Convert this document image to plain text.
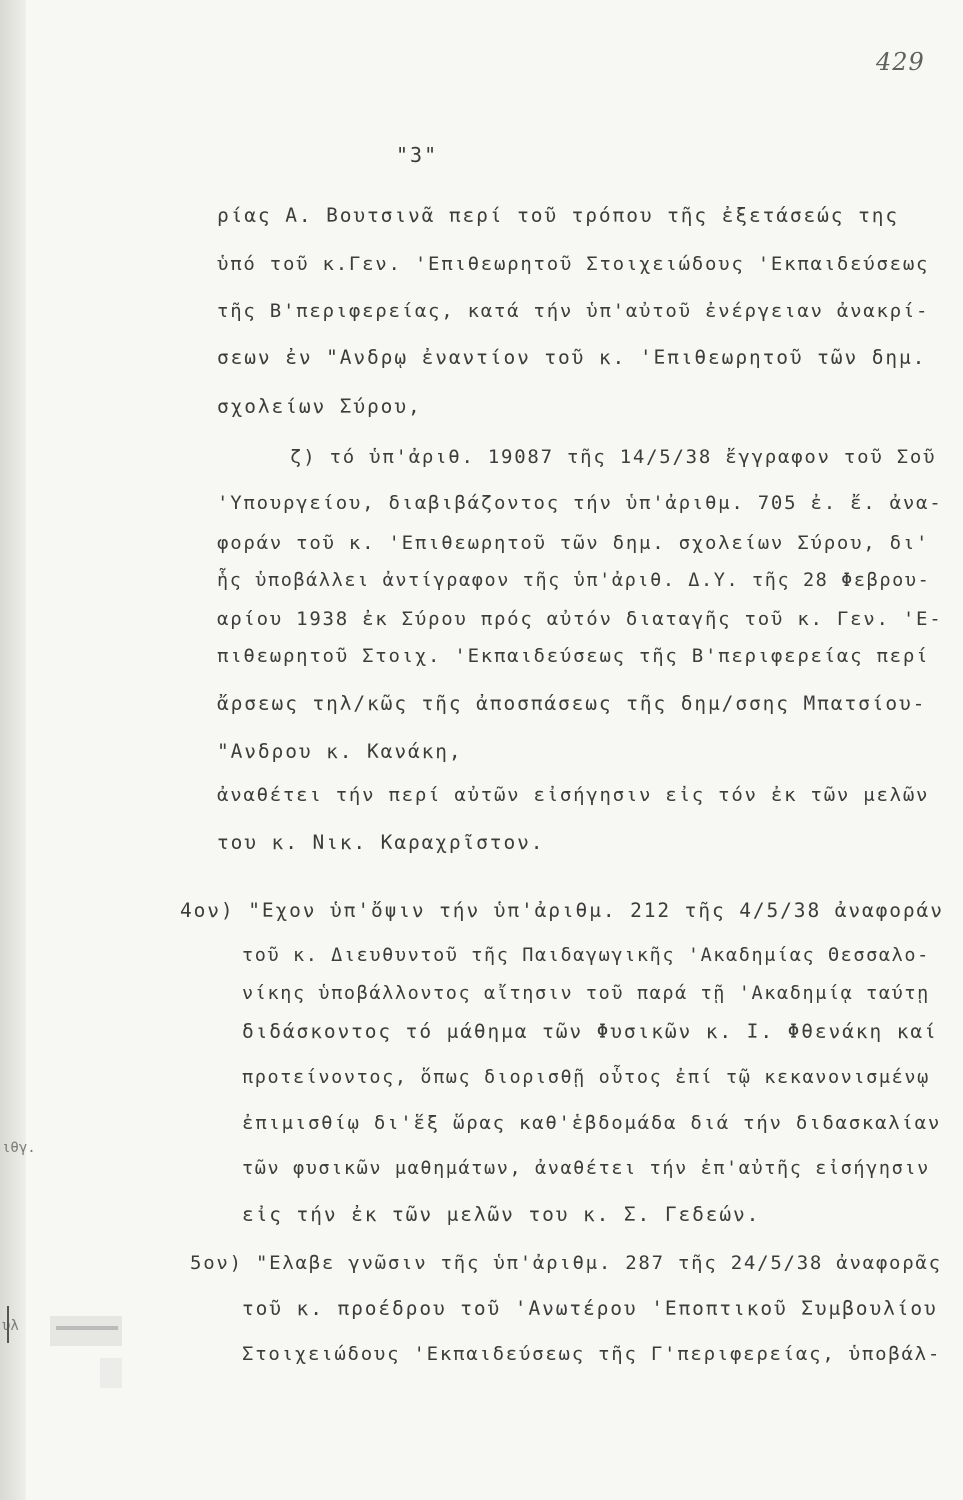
429
"3"
ρίας Α. Βουτσινᾶ περί τοῦ τρόπου τῆς ἐξετάσεώς της
ὑπό τοῦ κ.Γεν. 'Επιθεωρητοῦ Στοιχειώδους 'Εκπαιδεύσεως
τῆς Β'περιφερείας, κατά τήν ὑπ'αὐτοῦ ἐνέργειαν ἀνακρί-
σεων ἐν "Ανδρῳ ἐναντίον τοῦ κ. 'Επιθεωρητοῦ τῶν δημ.
σχολείων Σύρου,
ζ) τό ὑπ'ἀριθ. 19087 τῆς 14/5/38 ἔγγραφον τοῦ Σοῦ
'Υπουργείου, διαβιβάζοντος τήν ὑπ'ἀριθμ. 705 ἐ. ἔ. ἀνα-
φοράν τοῦ κ. 'Επιθεωρητοῦ τῶν δημ. σχολείων Σύρου, δι'
ἧς ὑποβάλλει ἀντίγραφον τῆς ὑπ'ἀριθ. Δ.Υ. τῆς 28 Φεβρου-
αρίου 1938 ἐκ Σύρου πρός αὐτόν διαταγῆς τοῦ κ. Γεν. 'Ε-
πιθεωρητοῦ Στοιχ. 'Εκπαιδεύσεως τῆς Β'περιφερείας περί
ἄρσεως τηλ/κῶς τῆς ἀποσπάσεως τῆς δημ/σσης Μπατσίου-
"Ανδρου κ. Κανάκη,
ἀναθέτει τήν περί αὐτῶν εἰσήγησιν εἰς τόν ἐκ τῶν μελῶν
του κ. Νικ. Καραχρῖστον.
4ον) "Εχον ὑπ'ὄψιν τήν ὑπ'ἀριθμ. 212 τῆς 4/5/38 ἀναφοράν
τοῦ κ. Διευθυντοῦ τῆς Παιδαγωγικῆς 'Ακαδημίας Θεσσαλο-
νίκης ὑποβάλλοντος αἴτησιν τοῦ παρά τῇ 'Ακαδημίᾳ ταύτῃ
διδάσκοντος τό μάθημα τῶν Φυσικῶν κ. Ι. Φθενάκη καί
προτείνοντος, ὅπως διορισθῇ οὗτος ἐπί τῷ κεκανονισμένῳ
ἐπιμισθίῳ δι'ἕξ ὥρας καθ'ἑβδομάδα διά τήν διδασκαλίαν
τῶν φυσικῶν μαθημάτων, ἀναθέτει τήν ἐπ'αὐτῆς εἰσήγησιν
εἰς τήν ἐκ τῶν μελῶν του κ. Σ. Γεδεών.
5ον) "Ελαβε γνῶσιν τῆς ὑπ'ἀριθμ. 287 τῆς 24/5/38 ἀναφορᾶς
τοῦ κ. προέδρου τοῦ 'Ανωτέρου 'Εποπτικοῦ Συμβουλίου
Στοιχειώδους 'Εκπαιδεύσεως τῆς Γ'περιφερείας, ὑποβάλ-
ιθγ.
υλ
